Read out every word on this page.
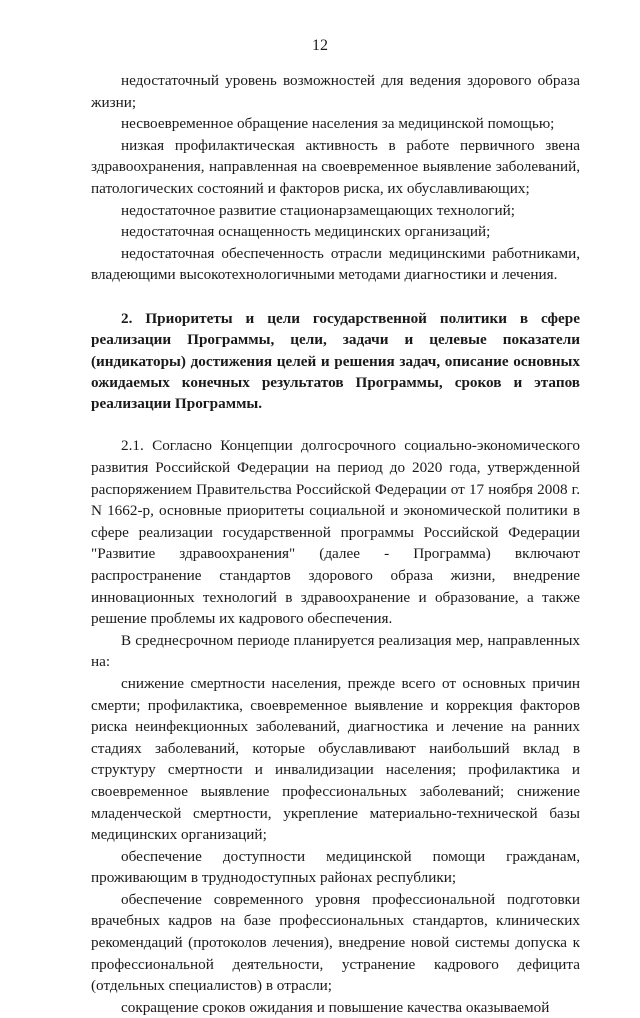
12

недостаточный уровень возможностей для ведения здорового образа жизни;

несвоевременное обращение населения за медицинской помощью;

низкая профилактическая активность в работе первичного звена здравоохранения, направленная на своевременное выявление заболеваний, патологических состояний и факторов риска, их обуславливающих;

недостаточное развитие стационарзамещающих технологий;

недостаточная оснащенность медицинских организаций;

недостаточная обеспеченность отрасли медицинскими работниками, владеющими высокотехнологичными методами диагностики и лечения.

2. Приоритеты и цели государственной политики в сфере реализации Программы, цели, задачи и целевые показатели (индикаторы) достижения целей и решения задач, описание основных ожидаемых конечных результатов Программы, сроков и этапов реализации Программы.

2.1. Согласно Концепции долгосрочного социально-экономического развития Российской Федерации на период до 2020 года, утвержденной распоряжением Правительства Российской Федерации от 17 ноября 2008 г. N 1662-р, основные приоритеты социальной и экономической политики в сфере реализации государственной программы Российской Федерации "Развитие здравоохранения" (далее - Программа) включают распространение стандартов здорового образа жизни, внедрение инновационных технологий в здравоохранение и образование, а также решение проблемы их кадрового обеспечения.

В среднесрочном периоде планируется реализация мер, направленных на:

снижение смертности населения, прежде всего от основных причин смерти; профилактика, своевременное выявление и коррекция факторов риска неинфекционных заболеваний, диагностика и лечение на ранних стадиях заболеваний, которые обуславливают наибольший вклад в структуру смертности и инвалидизации населения; профилактика и своевременное выявление профессиональных заболеваний; снижение младенческой смертности, укрепление материально-технической базы медицинских организаций;

обеспечение доступности медицинской помощи гражданам, проживающим в труднодоступных районах республики;

обеспечение современного уровня профессиональной подготовки врачебных кадров на базе профессиональных стандартов, клинических рекомендаций (протоколов лечения), внедрение новой системы допуска к профессиональной деятельности, устранение кадрового дефицита (отдельных специалистов) в отрасли;

сокращение сроков ожидания и повышение качества оказываемой
